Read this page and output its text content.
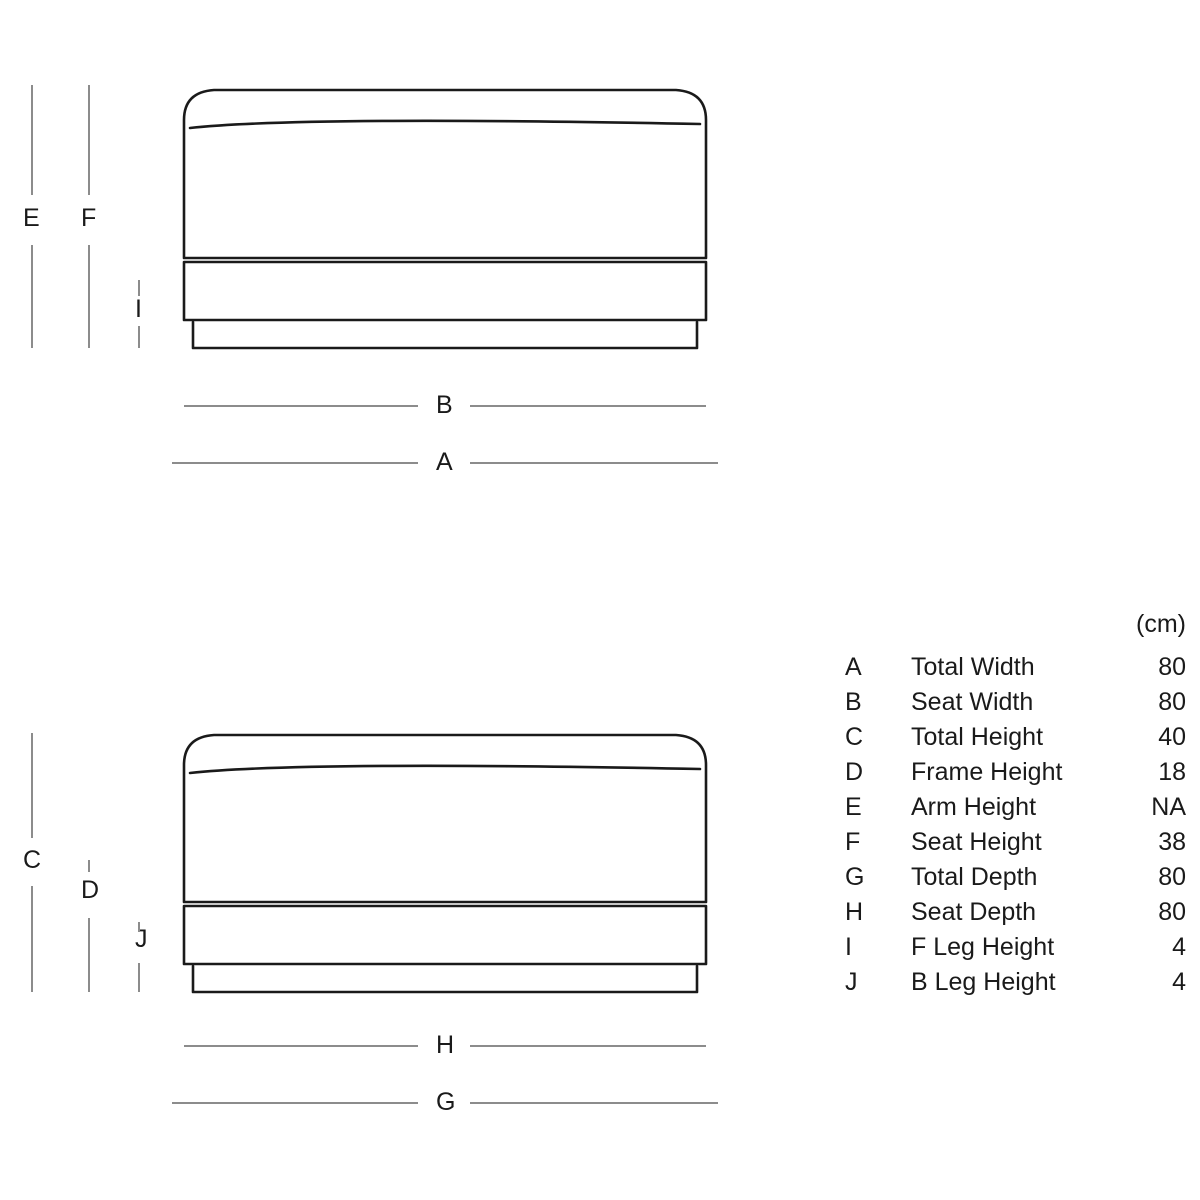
E F
I
B
A
C
D
J
H
G
(cm)
A	Total Width	80
B	Seat Width	80
C	Total Height	40
D	Frame Height	18
E	Arm Height	NA
F	Seat Height	38
G	Total Depth	80
H	Seat Depth	80
I	F Leg Height	4
J	B Leg Height	4
